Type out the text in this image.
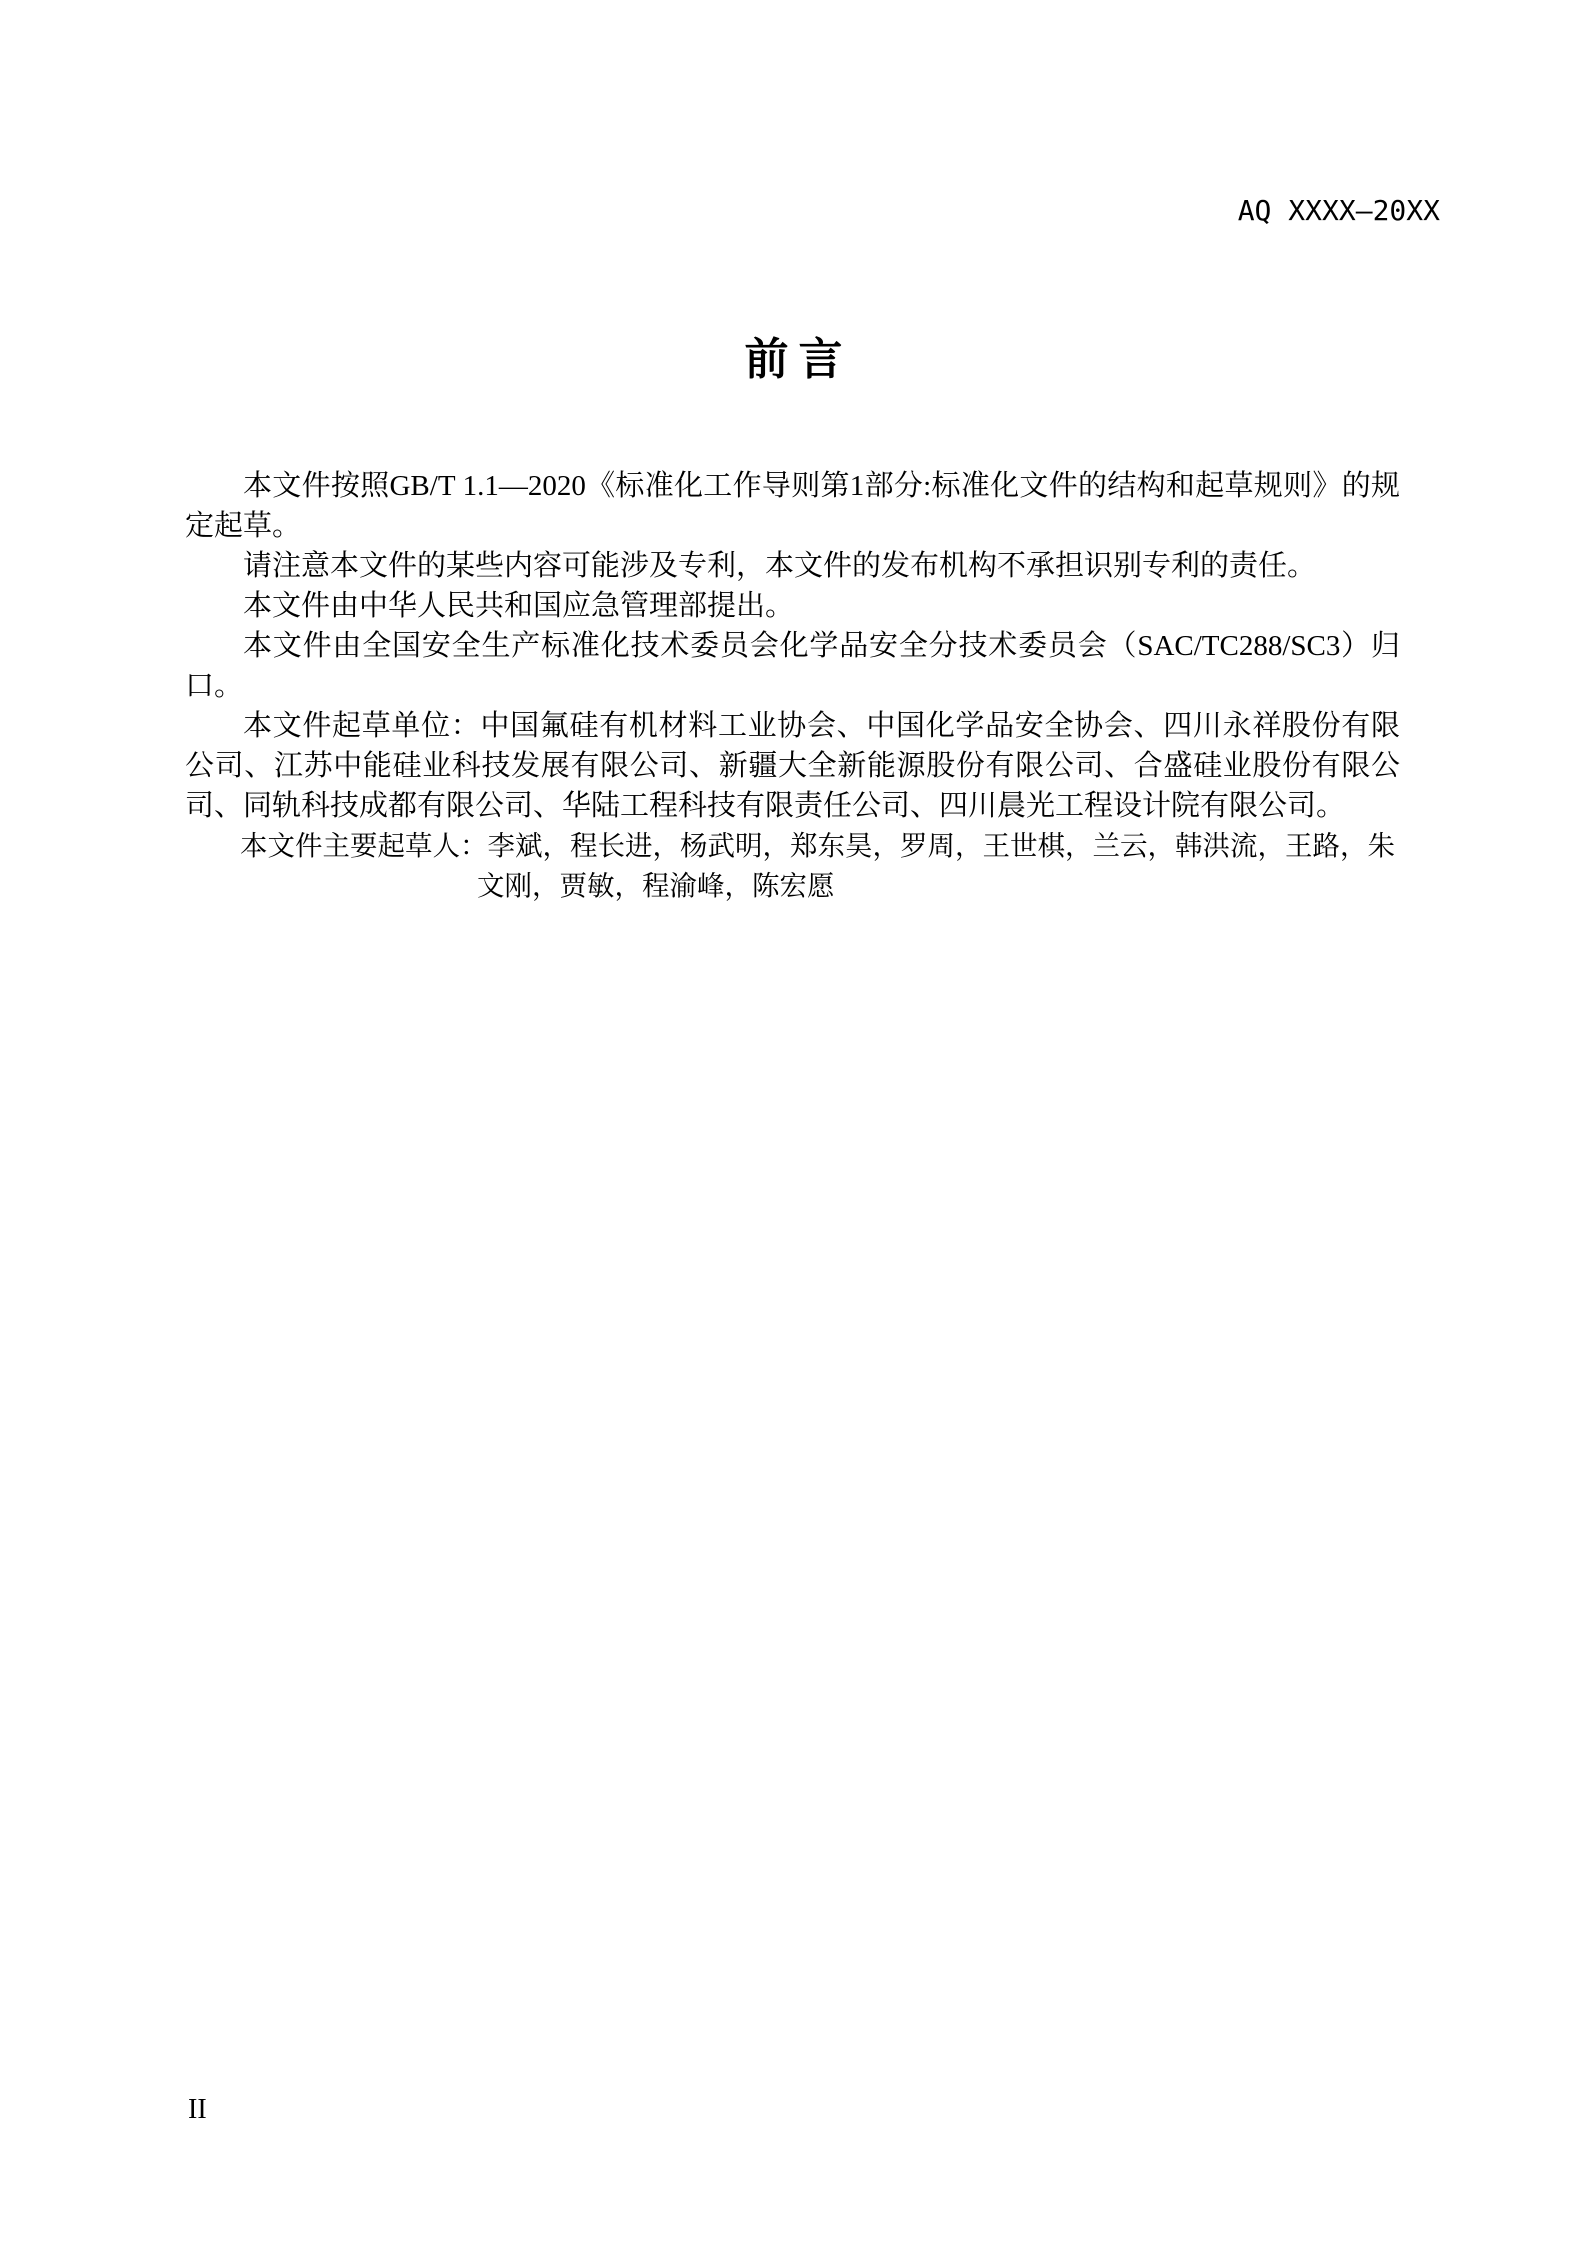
AQ XXXX—20XX
前言

本文件按照GB/T 1.1—2020《标准化工作导则第1部分:标准化文件的结构和起草规则》的规定起草。

请注意本文件的某些内容可能涉及专利，本文件的发布机构不承担识别专利的责任。

本文件由中华人民共和国应急管理部提出。

本文件由全国安全生产标准化技术委员会化学品安全分技术委员会（SAC/TC288/SC3）归口。

本文件起草单位：中国氟硅有机材料工业协会、中国化学品安全协会、四川永祥股份有限公司、江苏中能硅业科技发展有限公司、新疆大全新能源股份有限公司、合盛硅业股份有限公司、同轨科技成都有限公司、华陆工程科技有限责任公司、四川晨光工程设计院有限公司。

本文件主要起草人：李斌，程长进，杨武明，郑东昊，罗周，王世棋，兰云，韩洪流，王路，朱

文刚，贾敏，程渝峰，陈宏愿

II
